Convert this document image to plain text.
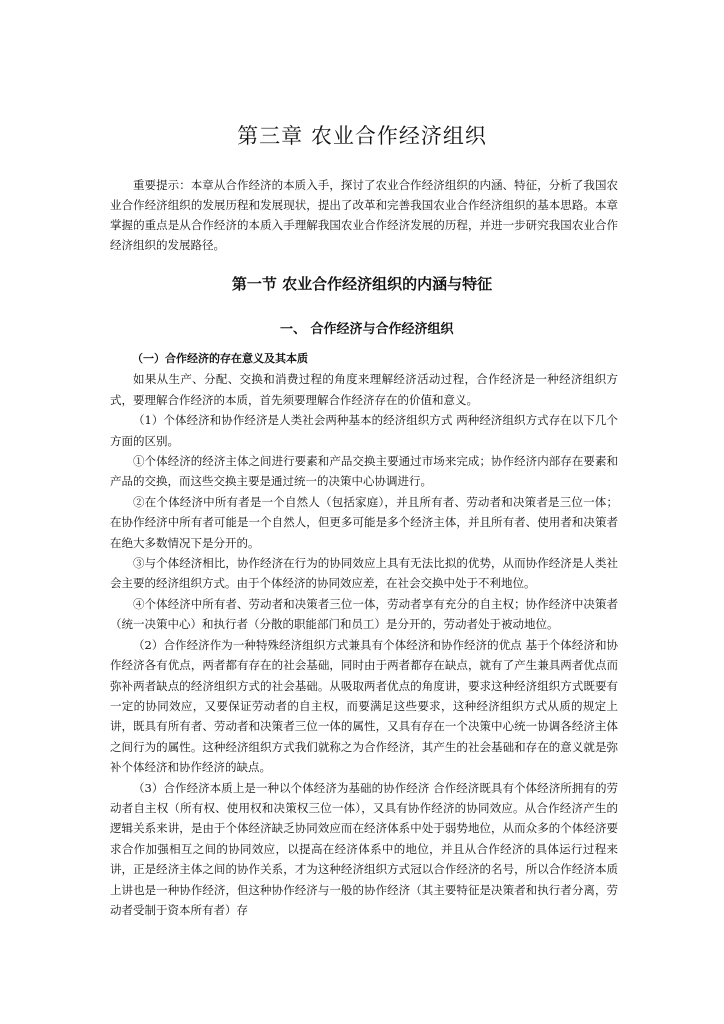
第三章 农业合作经济组织

重要提示：本章从合作经济的本质入手，探讨了农业合作经济组织的内涵、特征，分析了我国农业合作经济组织的发展历程和发展现状，提出了改革和完善我国农业合作经济组织的基本思路。本章掌握的重点是从合作经济的本质入手理解我国农业合作经济发展的历程，并进一步研究我国农业合作经济组织的发展路径。

第一节 农业合作经济组织的内涵与特征
一、 合作经济与合作经济组织

（一）合作经济的存在意义及其本质

如果从生产、分配、交换和消费过程的角度来理解经济活动过程，合作经济是一种经济组织方式，要理解合作经济的本质，首先须要理解合作经济存在的价值和意义。

（1）个体经济和协作经济是人类社会两种基本的经济组织方式 两种经济组织方式存在以下几个方面的区别。

①个体经济的经济主体之间进行要素和产品交换主要通过市场来完成；协作经济内部存在要素和产品的交换，而这些交换主要是通过统一的决策中心协调进行。

②在个体经济中所有者是一个自然人（包括家庭），并且所有者、劳动者和决策者是三位一体；在协作经济中所有者可能是一个自然人，但更多可能是多个经济主体，并且所有者、使用者和决策者在绝大多数情况下是分开的。

③与个体经济相比，协作经济在行为的协同效应上具有无法比拟的优势，从而协作经济是人类社会主要的经济组织方式。由于个体经济的协同效应差，在社会交换中处于不利地位。

④个体经济中所有者、劳动者和决策者三位一体，劳动者享有充分的自主权；协作经济中决策者（统一决策中心）和执行者（分散的职能部门和员工）是分开的，劳动者处于被动地位。

（2）合作经济作为一种特殊经济组织方式兼具有个体经济和协作经济的优点 基于个体经济和协作经济各有优点，两者都有存在的社会基础，同时由于两者都存在缺点，就有了产生兼具两者优点而弥补两者缺点的经济组织方式的社会基础。从吸取两者优点的角度讲，要求这种经济组织方式既要有一定的协同效应，又要保证劳动者的自主权，而要满足这些要求，这种经济组织方式从质的规定上讲，既具有所有者、劳动者和决策者三位一体的属性，又具有存在一个决策中心统一协调各经济主体之间行为的属性。这种经济组织方式我们就称之为合作经济，其产生的社会基础和存在的意义就是弥补个体经济和协作经济的缺点。

（3）合作经济本质上是一种以个体经济为基础的协作经济 合作经济既具有个体经济所拥有的劳动者自主权（所有权、使用权和决策权三位一体），又具有协作经济的协同效应。从合作经济产生的逻辑关系来讲，是由于个体经济缺乏协同效应而在经济体系中处于弱势地位，从而众多的个体经济要求合作加强相互之间的协同效应，以提高在经济体系中的地位，并且从合作经济的具体运行过程来讲，正是经济主体之间的协作关系，才为这种经济组织方式冠以合作经济的名号，所以合作经济本质上讲也是一种协作经济，但这种协作经济与一般的协作经济（其主要特征是决策者和执行者分离，劳动者受制于资本所有者）存
